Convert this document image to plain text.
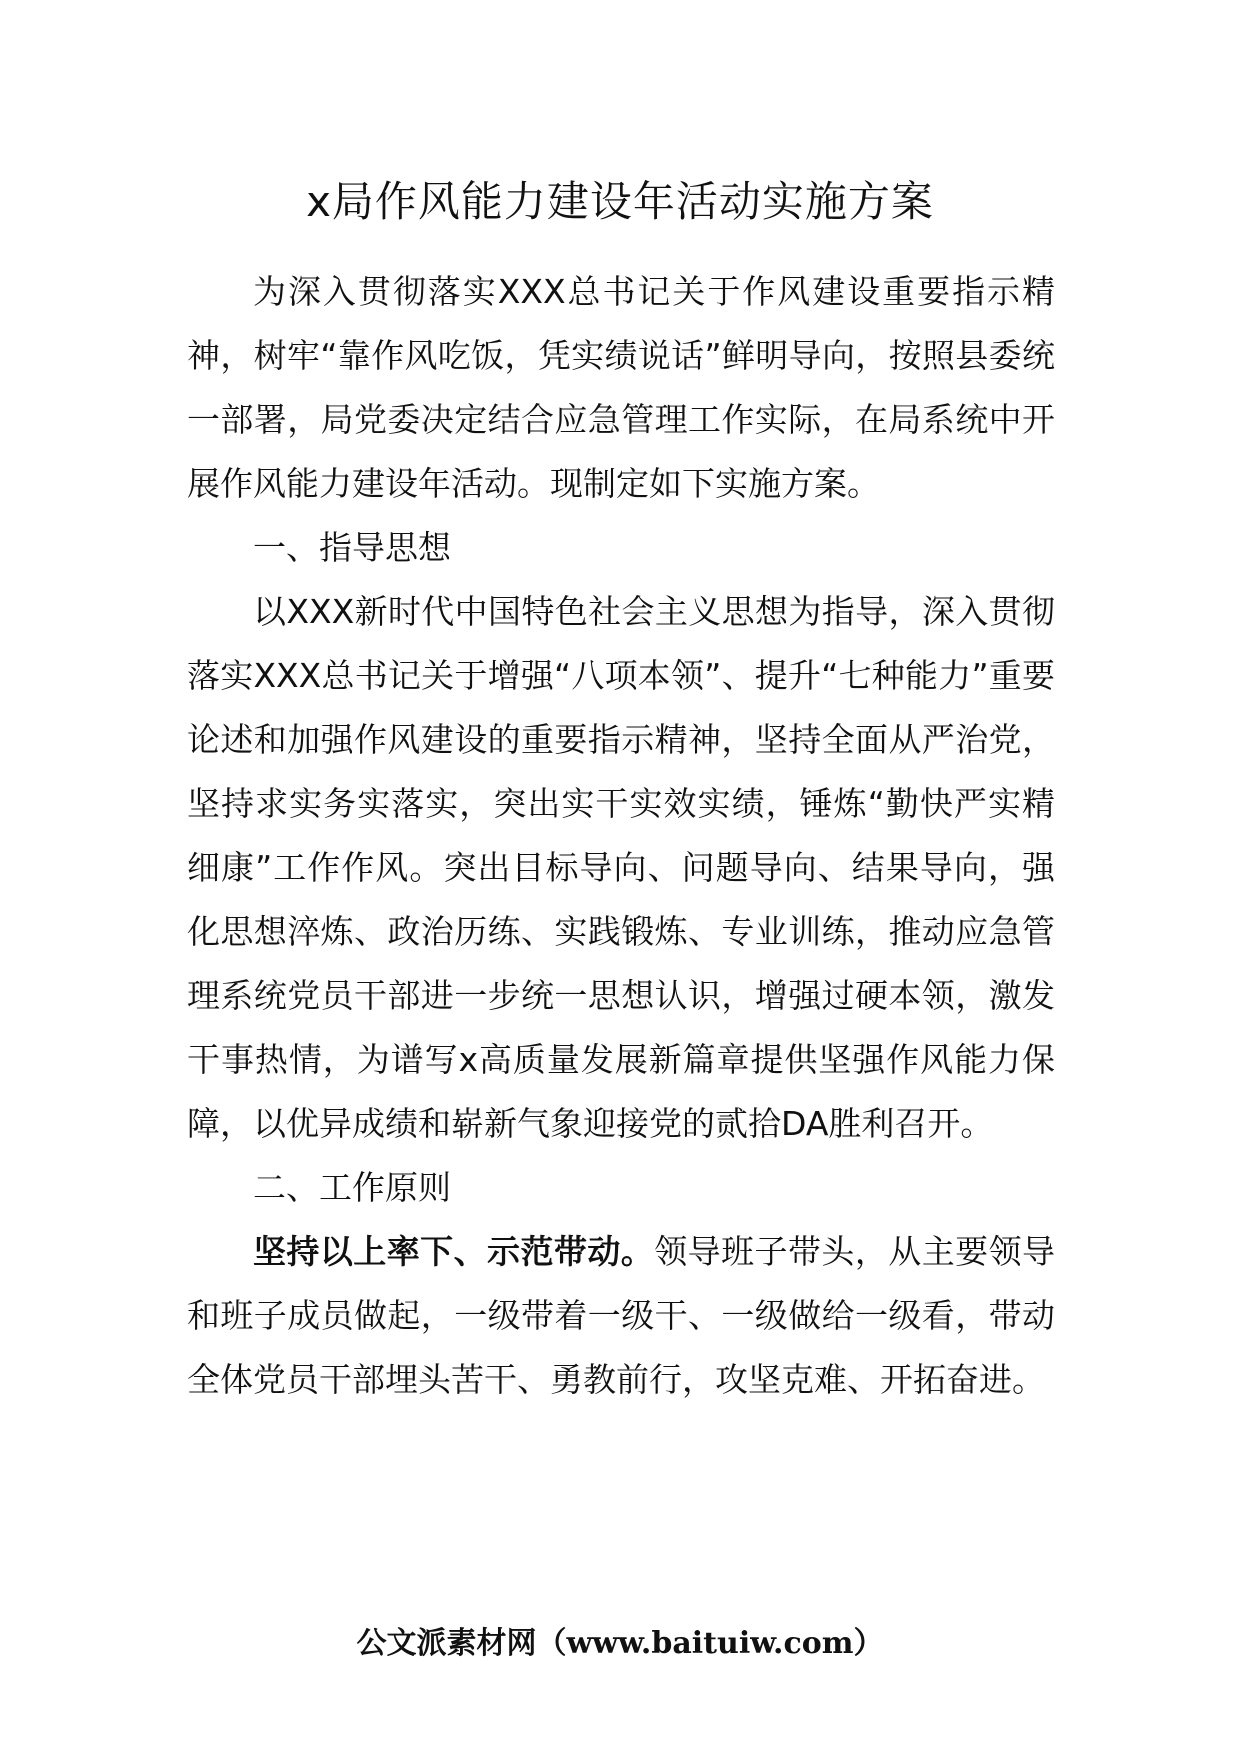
x局作风能力建设年活动实施方案

为深入贯彻落实XXX总书记关于作风建设重要指示精神，树牢“靠作风吃饭，凭实绩说话”鲜明导向，按照县委统一部署，局党委决定结合应急管理工作实际，在局系统中开展作风能力建设年活动。现制定如下实施方案。

一、指导思想

以XXX新时代中国特色社会主义思想为指导，深入贯彻落实XXX总书记关于增强“八项本领”、提升“七种能力”重要论述和加强作风建设的重要指示精神，坚持全面从严治党，坚持求实务实落实，突出实干实效实绩，锤炼“勤快严实精细康”工作作风。突出目标导向、问题导向、结果导向，强化思想淬炼、政治历练、实践锻炼、专业训练，推动应急管理系统党员干部进一步统一思想认识，增强过硬本领，激发干事热情，为谱写x高质量发展新篇章提供坚强作风能力保障，以优异成绩和崭新气象迎接党的贰拾DA胜利召开。

二、工作原则

坚持以上率下、示范带动。领导班子带头，从主要领导和班子成员做起，一级带着一级干、一级做给一级看，带动全体党员干部埋头苦干、勇教前行，攻坚克难、开拓奋进。

公文派素材网（www.baituiw.com）
